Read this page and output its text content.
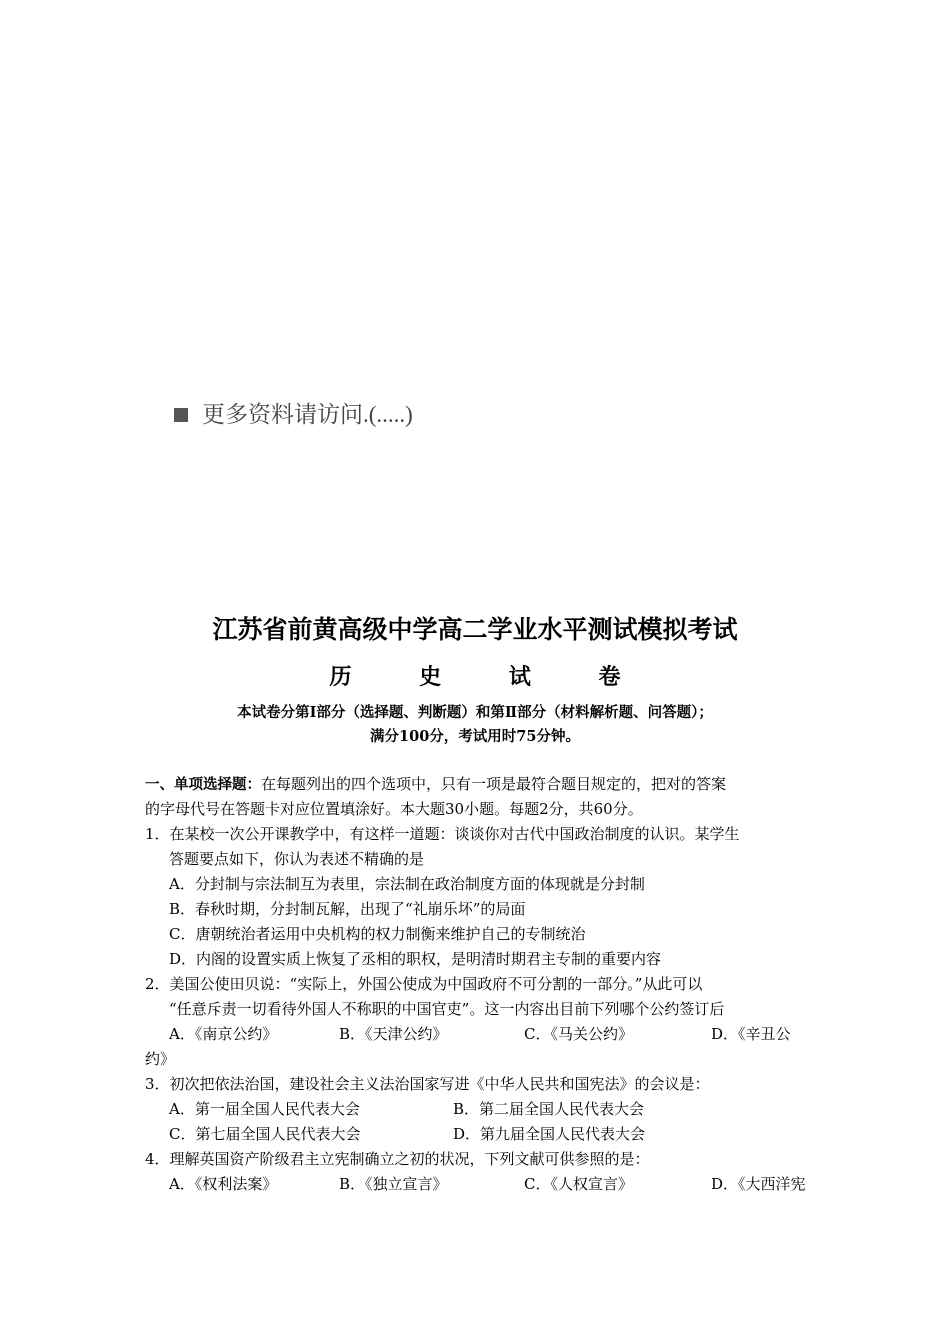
更多资料请访问.(.....)
江苏省前黄高级中学高二学业水平测试模拟考试
历 史 试 卷
本试卷分第Ⅰ部分（选择题、判断题）和第Ⅱ部分（材料解析题、问答题）；
满分100分，考试用时75分钟。
一、单项选择题：在每题列出的四个选项中，只有一项是最符合题目规定的，把对的答案
的字母代号在答题卡对应位置填涂好。本大题30小题。每题2分，共60分。
1．在某校一次公开课教学中，有这样一道题：谈谈你对古代中国政治制度的认识。某学生
答题要点如下，你认为表述不精确的是
A．分封制与宗法制互为表里，宗法制在政治制度方面的体现就是分封制
B．春秋时期，分封制瓦解，出现了“礼崩乐坏”的局面
C．唐朝统治者运用中央机构的权力制衡来维护自己的专制统治
D．内阁的设置实质上恢复了丞相的职权，是明清时期君主专制的重要内容
2．美国公使田贝说：“实际上，外国公使成为中国政府不可分割的一部分。”从此可以
“任意斥责一切看待外国人不称职的中国官吏”。这一内容出目前下列哪个公约签订后
A．《南京公约》	B．《天津公约》	C．《马关公约》	D．《辛丑公
约》
3．初次把依法治国，建设社会主义法治国家写进《中华人民共和国宪法》的会议是：
A．第一届全国人民代表大会	B．第二届全国人民代表大会
C．第七届全国人民代表大会	D．第九届全国人民代表大会
4．理解英国资产阶级君主立宪制确立之初的状况，下列文献可供参照的是：
A．《权利法案》	B．《独立宣言》	C．《人权宣言》	D．《大西洋宪
